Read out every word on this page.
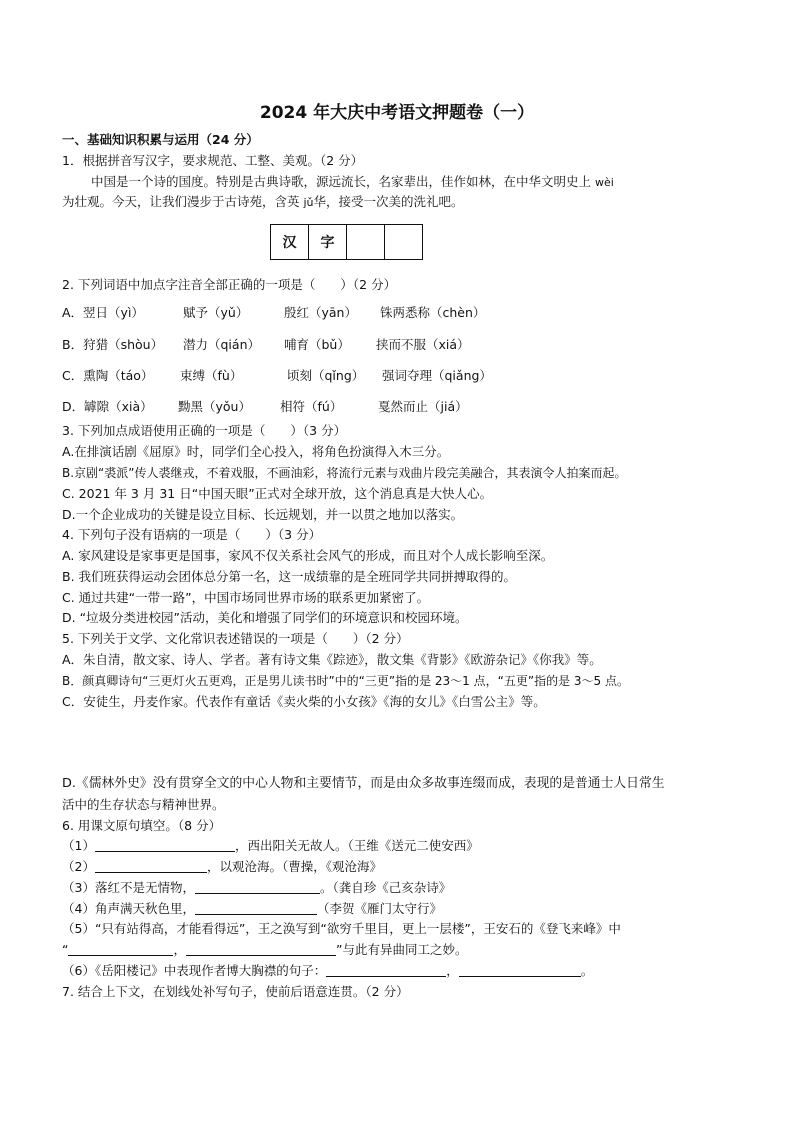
2024 年大庆中考语文押题卷（一）
一、基础知识积累与运用（24 分）
1．根据拼音写汉字，要求规范、工整、美观。（2 分）
中国是一个诗的国度。特别是古典诗歌，源远流长，名家辈出，佳作如林，在中华文明史上 wèi
为壮观。今天，让我们漫步于古诗苑，含英 jǔ华，接受一次美的洗礼吧。
汉	字		
2. 下列词语中加点字注音全部正确的一项是（　　）（2 分）
A．翌日（yì）	赋予（yǔ）	殷红（yān） 铢两悉称（chèn）
B．狩猎（shòu） 潜力（qián） 哺育（bǔ） 挟而不服（xiá）
C．熏陶（táo） 束缚（fù）	顷刻（qǐng） 强词夺理（qiǎng）
D．罅隙（xià） 黝黑（yǒu） 相符（fú）	戛然而止（jiá）
3. 下列加点成语使用正确的一项是（　　）（3 分）
A.在排演话剧《屈原》时，同学们全心投入，将角色扮演得入木三分。
B.京剧“裘派”传人裘继戎，不着戏服，不画油彩，将流行元素与戏曲片段完美融合，其表演令人拍案而起。
C. 2021 年 3 月 31 日“中国天眼”正式对全球开放，这个消息真是大快人心。
D.一个企业成功的关键是设立目标、长远规划，并一以贯之地加以落实。
4. 下列句子没有语病的一项是（　　）（3 分）
A. 家风建设是家事更是国事，家风不仅关系社会风气的形成，而且对个人成长影响至深。
B. 我们班获得运动会团体总分第一名，这一成绩靠的是全班同学共同拼搏取得的。
C. 通过共建“一带一路”，中国市场同世界市场的联系更加紧密了。
D. “垃圾分类进校园”活动，美化和增强了同学们的环境意识和校园环境。
5. 下列关于文学、文化常识表述错误的一项是（　　）（2 分）
A．朱自清，散文家、诗人、学者。著有诗文集《踪迹》，散文集《背影》《欧游杂记》《你我》等。
B．颜真卿诗句“三更灯火五更鸡，正是男儿读书时”中的“三更”指的是 23～1 点，“五更”指的是 3～5 点。
C．安徒生，丹麦作家。代表作有童话《卖火柴的小女孩》《海的女儿》《白雪公主》等。
D.《儒林外史》没有贯穿全文的中心人物和主要情节，而是由众多故事连缀而成，表现的是普通士人日常生
活中的生存状态与精神世界。
6. 用课文原句填空。（8 分）
（1）	，西出阳关无故人。（王维《送元二使安西》
（2）	，以观沧海。（曹操，《观沧海》
（3）落红不是无情物，	。（龚自珍《己亥杂诗》
（4）角声满天秋色里，	（李贺《雁门太守行》
（5）“只有站得高，才能看得远”，王之涣写到“欲穷千里目，更上一层楼”，王安石的《登飞来峰》中
“	，	”与此有异曲同工之妙。
（6）《岳阳楼记》中表现作者博大胸襟的句子：	，	。
7. 结合上下文，在划线处补写句子，使前后语意连贯。（2 分）
